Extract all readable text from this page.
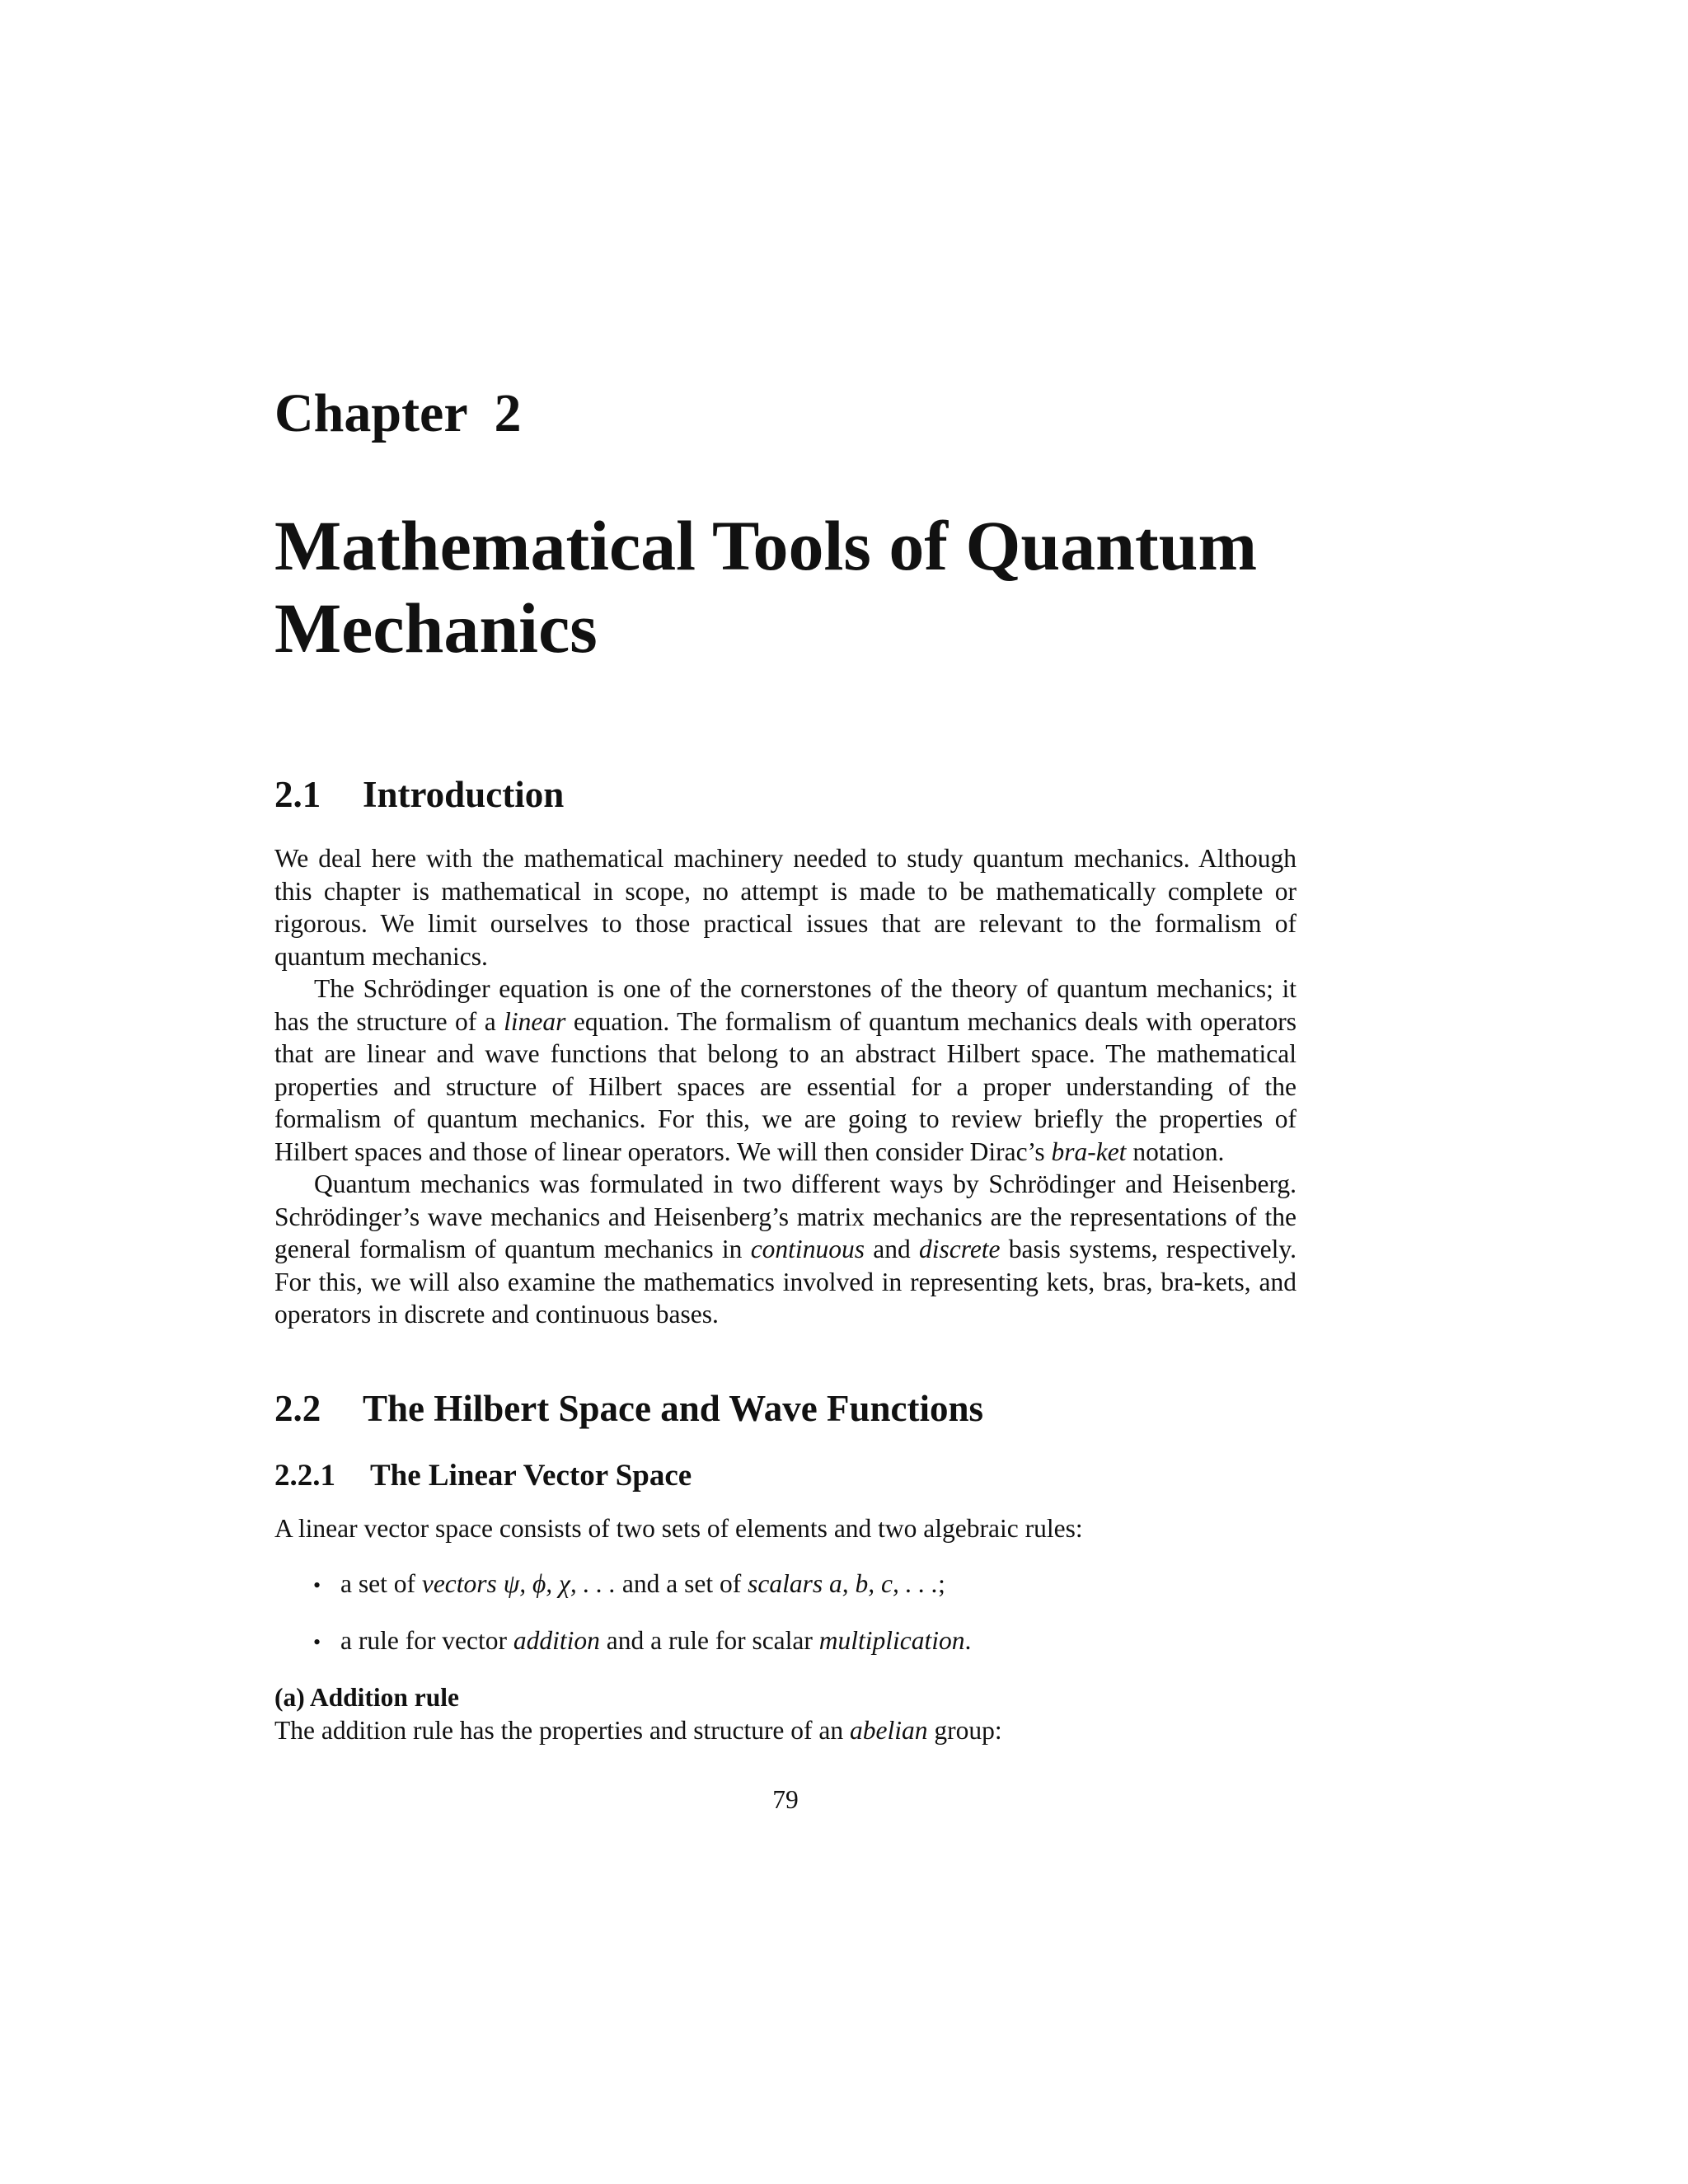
Chapter  2
Mathematical Tools of Quantum Mechanics
2.1 Introduction

We deal here with the mathematical machinery needed to study quantum mechanics. Although this chapter is mathematical in scope, no attempt is made to be mathematically complete or rigorous. We limit ourselves to those practical issues that are relevant to the formalism of quantum mechanics.

The Schrödinger equation is one of the cornerstones of the theory of quantum mechanics; it has the structure of a linear equation. The formalism of quantum mechanics deals with operators that are linear and wave functions that belong to an abstract Hilbert space. The mathematical properties and structure of Hilbert spaces are essential for a proper understanding of the formalism of quantum mechanics. For this, we are going to review briefly the properties of Hilbert spaces and those of linear operators. We will then consider Dirac’s bra-ket notation.

Quantum mechanics was formulated in two different ways by Schrödinger and Heisenberg. Schrödinger’s wave mechanics and Heisenberg’s matrix mechanics are the representations of the general formalism of quantum mechanics in continuous and discrete basis systems, respectively. For this, we will also examine the mathematics involved in representing kets, bras, bra-kets, and operators in discrete and continuous bases.

2.2 The Hilbert Space and Wave Functions
2.2.1 The Linear Vector Space
A linear vector space consists of two sets of elements and two algebraic rules:
• a set of vectors ψ, ϕ, χ, . . . and a set of scalars a, b, c, . . .;
• a rule for vector addition and a rule for scalar multiplication.
(a) Addition rule
The addition rule has the properties and structure of an abelian group:
79
